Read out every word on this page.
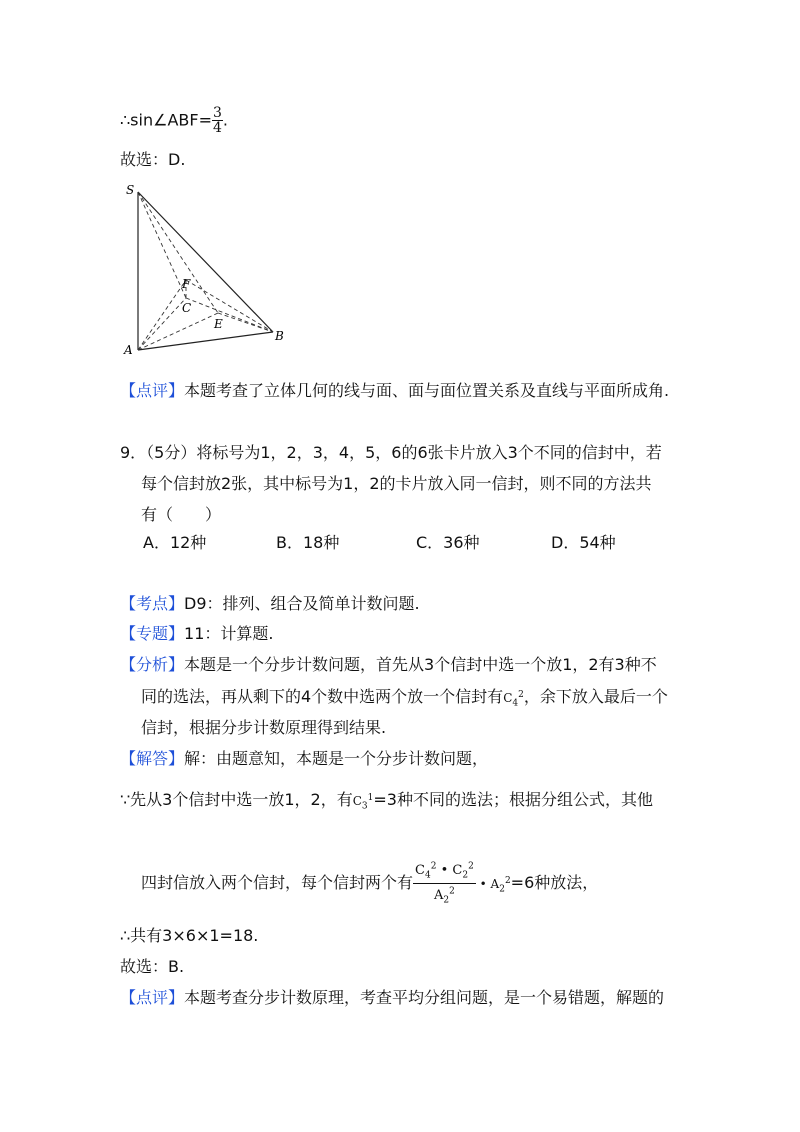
∴sin∠ABF= $\frac{3}{4}$ .
故选：D.
S
A
B
F
C
E
【点评】本题考查了立体几何的线与面、面与面位置关系及直线与平面所成角.
9．（5分）将标号为1，2，3，4，5，6的6张卡片放入3个不同的信封中，若
每个信封放2张，其中标号为1，2的卡片放入同一信封，则不同的方法共
有（　　）
A．12种	B．18种	C．36种	D．54种
【考点】D9：排列、组合及简单计数问题.
【专题】11：计算题.
【分析】本题是一个分步计数问题，首先从3个信封中选一个放1，2有3种不
同的选法，再从剩下的4个数中选两个放一个信封有$C_4^2$，余下放入最后一个
信封，根据分步计数原理得到结果.
【解答】解：由题意知，本题是一个分步计数问题，
∵先从3个信封中选一放1，2，有$C_3^1=3$种不同的选法；根据分组公式，其他
四封信放入两个信封，每个信封两个有 $\frac{C_4^2 • C_2^2}{A_2^2}$ • $A_2^2=6$种放法，
∴共有3×6×1=18.
故选：B.
【点评】本题考查分步计数原理，考查平均分组问题，是一个易错题，解题的
